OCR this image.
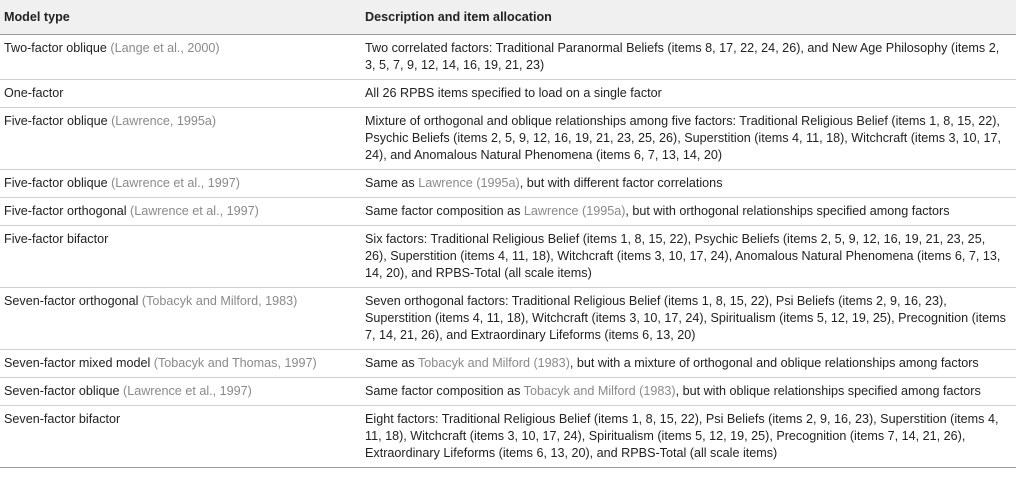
Model type	Description and item allocation
Two-factor oblique (Lange et al., 2000)	Two correlated factors: Traditional Paranormal Beliefs (items 8, 17, 22, 24, 26), and New Age Philosophy (items 2, 3, 5, 7, 9, 12, 14, 16, 19, 21, 23)
One-factor	All 26 RPBS items specified to load on a single factor
Five-factor oblique (Lawrence, 1995a)	Mixture of orthogonal and oblique relationships among five factors: Traditional Religious Belief (items 1, 8, 15, 22), Psychic Beliefs (items 2, 5, 9, 12, 16, 19, 21, 23, 25, 26), Superstition (items 4, 11, 18), Witchcraft (items 3, 10, 17, 24), and Anomalous Natural Phenomena (items 6, 7, 13, 14, 20)
Five-factor oblique (Lawrence et al., 1997)	Same as Lawrence (1995a), but with different factor correlations
Five-factor orthogonal (Lawrence et al., 1997)	Same factor composition as Lawrence (1995a), but with orthogonal relationships specified among factors
Five-factor bifactor	Six factors: Traditional Religious Belief (items 1, 8, 15, 22), Psychic Beliefs (items 2, 5, 9, 12, 16, 19, 21, 23, 25, 26), Superstition (items 4, 11, 18), Witchcraft (items 3, 10, 17, 24), Anomalous Natural Phenomena (items 6, 7, 13, 14, 20), and RPBS-Total (all scale items)
Seven-factor orthogonal (Tobacyk and Milford, 1983)	Seven orthogonal factors: Traditional Religious Belief (items 1, 8, 15, 22), Psi Beliefs (items 2, 9, 16, 23), Superstition (items 4, 11, 18), Witchcraft (items 3, 10, 17, 24), Spiritualism (items 5, 12, 19, 25), Precognition (items 7, 14, 21, 26), and Extraordinary Lifeforms (items 6, 13, 20)
Seven-factor mixed model (Tobacyk and Thomas, 1997)	Same as Tobacyk and Milford (1983), but with a mixture of orthogonal and oblique relationships among factors
Seven-factor oblique (Lawrence et al., 1997)	Same factor composition as Tobacyk and Milford (1983), but with oblique relationships specified among factors
Seven-factor bifactor	Eight factors: Traditional Religious Belief (items 1, 8, 15, 22), Psi Beliefs (items 2, 9, 16, 23), Superstition (items 4, 11, 18), Witchcraft (items 3, 10, 17, 24), Spiritualism (items 5, 12, 19, 25), Precognition (items 7, 14, 21, 26), Extraordinary Lifeforms (items 6, 13, 20), and RPBS-Total (all scale items)
